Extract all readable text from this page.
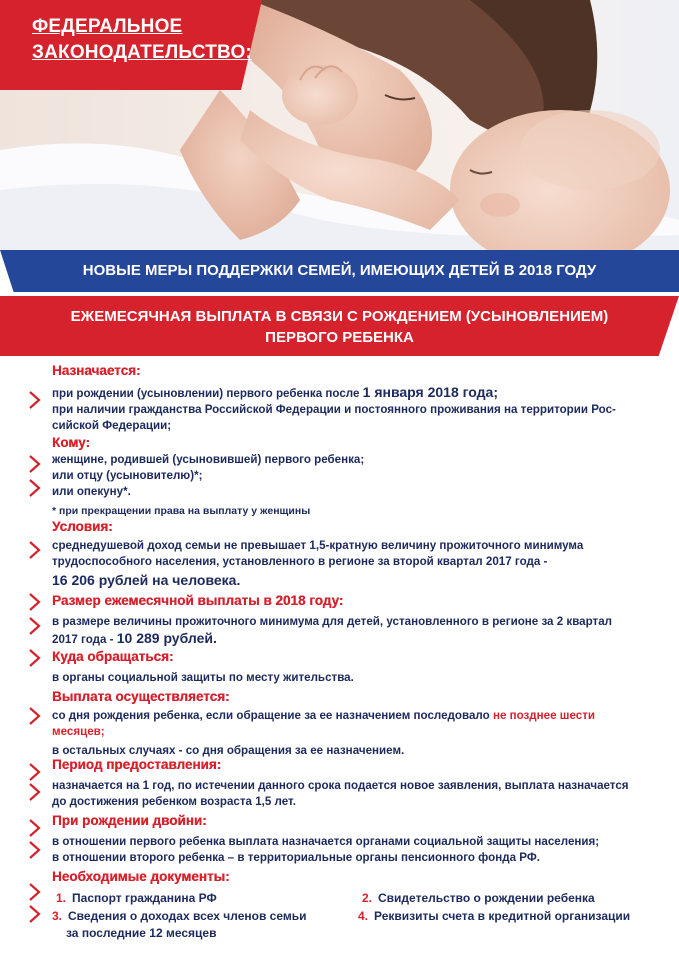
ФЕДЕРАЛЬНОЕ
ЗАКОНОДАТЕЛЬСТВО:
НОВЫЕ МЕРЫ ПОДДЕРЖКИ СЕМЕЙ, ИМЕЮЩИХ ДЕТЕЙ В 2018 ГОДУ
ЕЖЕМЕСЯЧНАЯ ВЫПЛАТА В СВЯЗИ С РОЖДЕНИЕМ (УСЫНОВЛЕНИЕМ)
ПЕРВОГО РЕБЕНКА
Назначается:
при рождении (усыновлении) первого ребенка после 1 января 2018 года;
при наличии гражданства Российской Федерации и постоянного проживания на территории Рос-
сийской Федерации;
Кому:
женщине, родившей (усыновившей) первого ребенка;
или отцу (усыновителю)*;
или опекуну*.
* при прекращении права на выплату у женщины
Условия:
среднедушевой доход семьи не превышает 1,5-кратную величину прожиточного минимума
трудоспособного населения, установленного в регионе за второй квартал 2017 года -
16 206 рублей на человека.
Размер ежемесячной выплаты в 2018 году:
в размере величины прожиточного минимума для детей, установленного в регионе за 2 квартал
2017 года - 10 289 рублей.
Куда обращаться:
в органы социальной защиты по месту жительства.
Выплата осуществляется:
со дня рождения ребенка, если обращение за ее назначением последовало не позднее шести
месяцев;
в остальных случаях - со дня обращения за ее назначением.
Период предоставления:
назначается на 1 год, по истечении данного срока подается новое заявления, выплата назначается
до достижения ребенком возраста 1,5 лет.
При рождении двойни:
в отношении первого ребенка выплата назначается органами социальной защиты населения;
в отношении второго ребенка – в территориальные органы пенсионного фонда РФ.
Необходимые документы:
1. Паспорт гражданина РФ	2. Свидетельство о рождении ребенка
3. Сведения о доходах всех членов семьи
за последние 12 месяцев
4. Реквизиты счета в кредитной организации
